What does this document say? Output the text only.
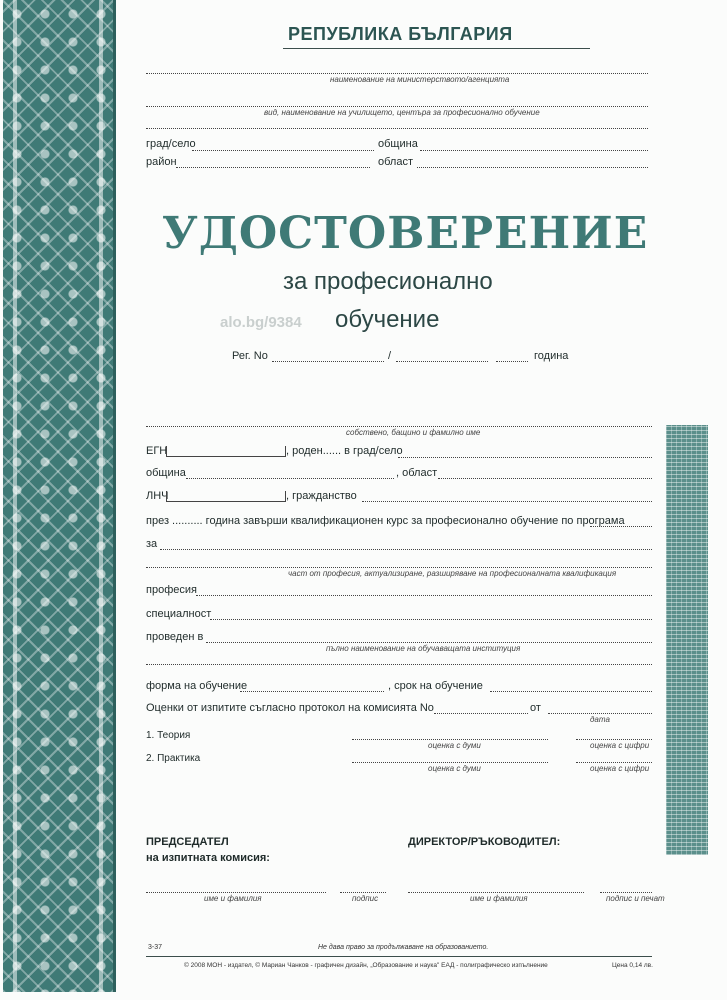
РЕПУБЛИКА БЪЛГАРИЯ
наименование на министерството/агенцията
вид, наименование на училището, центъра за професионално обучение
град/село	община
район	област
УДОСТОВЕРЕНИЕ
за професионално
alo.bg/9384 обучение
Рег. No	/	година
собствено, бащино и фамилно име
ЕГН	, роден...... в град/село
община	, област
ЛНЧ	, гражданство
през .......... година завърши квалификационен курс за професионално обучение по програма
за
част от професия, актуализиране, разширяване на професионалната квалификация
професия
специалност
проведен в
пълно наименование на обучаващата институция
форма на обучение	, срок на обучение
Оценки от изпитите съгласно протокол на комисията No	от
дата
1. Теория
оценка с думи	оценка с цифри
2. Практика
оценка с думи	оценка с цифри
ПРЕДСЕДАТЕЛ
на изпитната комисия:
ДИРЕКТОР/РЪКОВОДИТЕЛ:
име и фамилия	подпис	име и фамилия	подпис и печат
3-37	Не дава право за продължаване на образованието.
© 2008 МОН - издател, © Мариан Чанков - графичен дизайн, „Образование и наука" ЕАД - полиграфическо изпълнение	Цена 0,14 лв.
